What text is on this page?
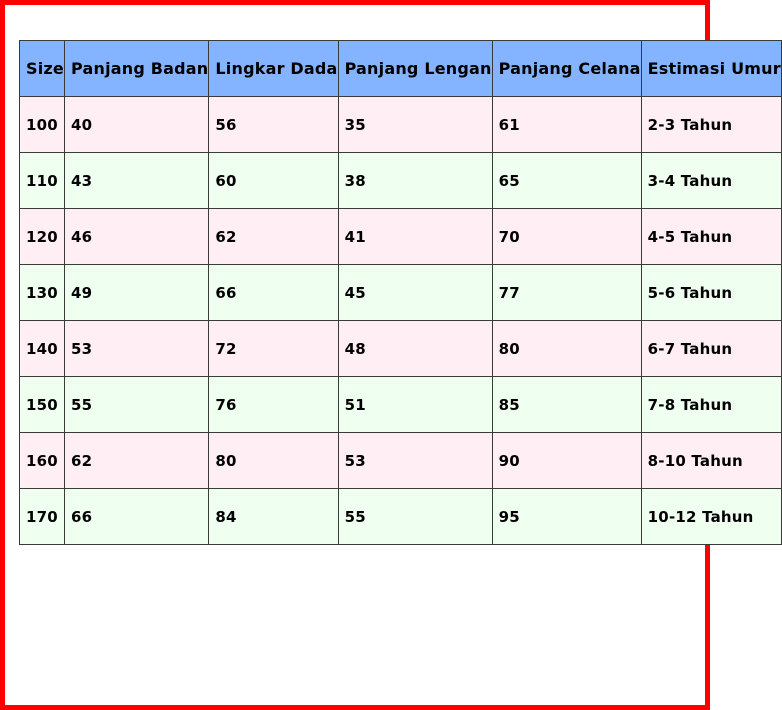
Size	Panjang Badan	Lingkar Dada	Panjang Lengan	Panjang Celana	Estimasi Umur
100	40	56	35	61	2-3 Tahun
110	43	60	38	65	3-4 Tahun
120	46	62	41	70	4-5 Tahun
130	49	66	45	77	5-6 Tahun
140	53	72	48	80	6-7 Tahun
150	55	76	51	85	7-8 Tahun
160	62	80	53	90	8-10 Tahun
170	66	84	55	95	10-12 Tahun
